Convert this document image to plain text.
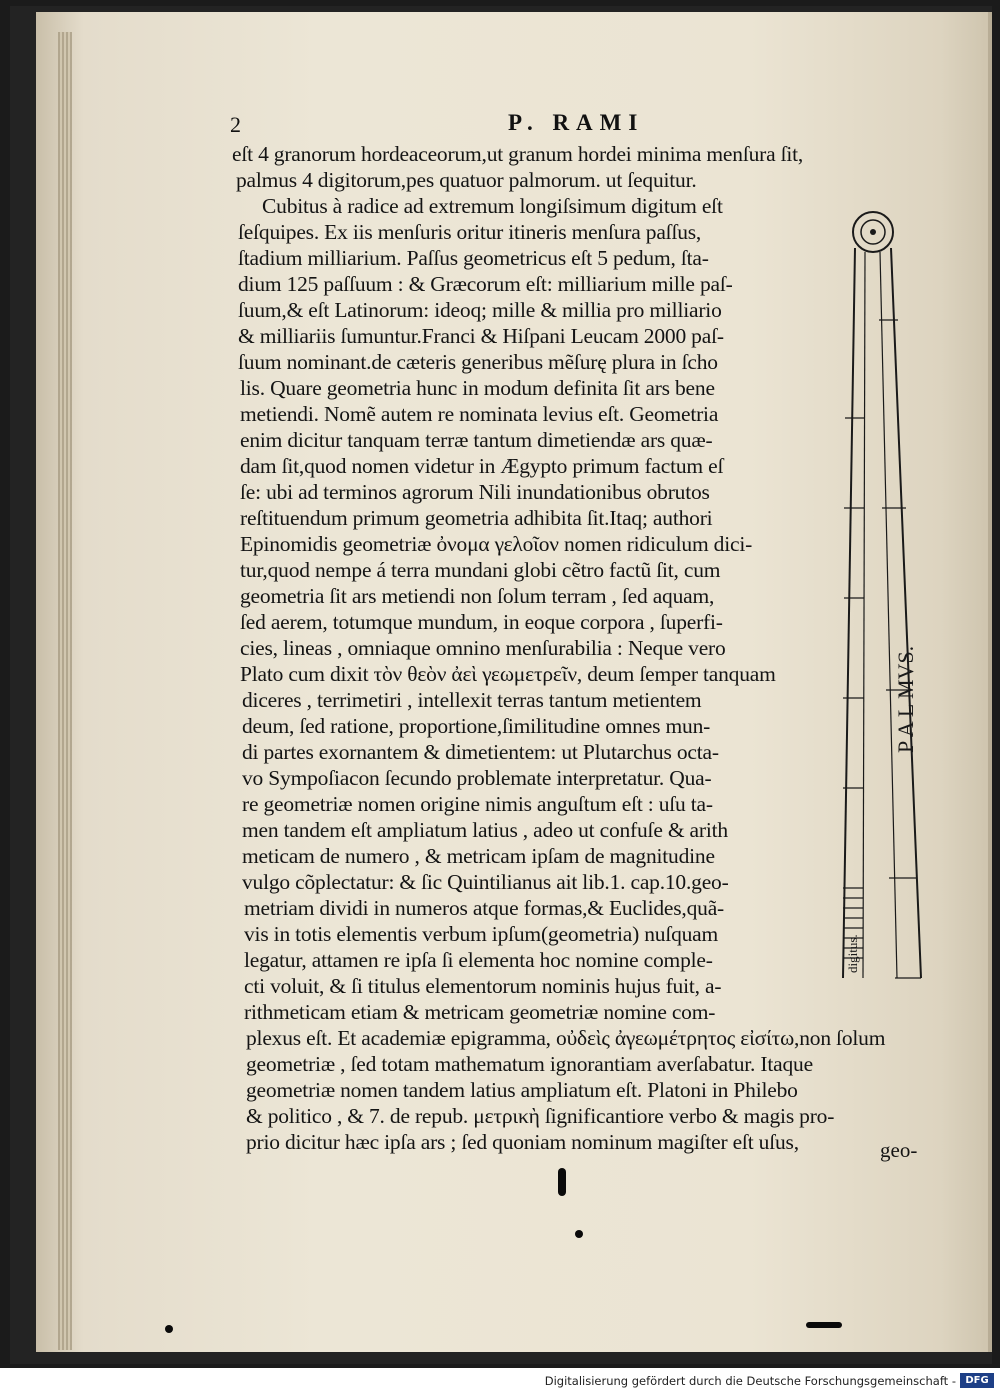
2	P. RAMI
eſt 4 granorum hordeaceorum,ut granum hordei minima menſura ſit,
palmus 4 digitorum,pes quatuor palmorum. ut ſequitur.
Cubitus à radice ad extremum longiſsimum digitum eſt
ſeſquipes. Ex iis menſuris oritur itineris menſura paſſus,
ſtadium milliarium. Paſſus geometricus eſt 5 pedum, ſta-
dium 125 paſſuum : & Græcorum eſt: milliarium mille paſ-
ſuum,& eſt Latinorum: ideoq; mille & millia pro milliario
& milliariis ſumuntur.Franci & Hiſpani Leucam 2000 paſ-
ſuum nominant.de cæteris generibus mẽſurę plura in ſcho
lis. Quare geometria hunc in modum definita ſit ars bene
metiendi. Nomẽ autem re nominata levius eſt. Geometria
enim dicitur tanquam terræ tantum dimetiendæ ars quæ-
dam ſit,quod nomen videtur in Ægypto primum factum eſ
ſe: ubi ad terminos agrorum Nili inundationibus obrutos
reſtituendum primum geometria adhibita ſit.Itaq; authori
Epinomidis geometriæ ὀνομα γελοῖον nomen ridiculum dici-
tur,quod nempe á terra mundani globi cẽtro factũ ſit, cum
geometria ſit ars metiendi non ſolum terram , ſed aquam,
ſed aerem, totumque mundum, in eoque corpora , ſuperfi-
cies, lineas , omniaque omnino menſurabilia : Neque vero
Plato cum dixit τὸν θεὸν ἀεὶ γεωμετρεῖν, deum ſemper tanquam
diceres , terrimetiri , intellexit terras tantum metientem
deum, ſed ratione, proportione,ſimilitudine omnes mun-
di partes exornantem & dimetientem: ut Plutarchus octa-
vo Sympoſiacon ſecundo problemate interpretatur. Qua-
re geometriæ nomen origine nimis anguſtum eſt : uſu ta-
men tandem eſt ampliatum latius , adeo ut confuſe & arith
meticam de numero , & metricam ipſam de magnitudine
vulgo cõplectatur: & ſic Quintilianus ait lib.1. cap.10.geo-
metriam dividi in numeros atque formas,& Euclides,quã-
vis in totis elementis verbum ipſum(geometria) nuſquam
legatur, attamen re ipſa ſi elementa hoc nomine comple-
cti voluit, & ſi titulus elementorum nominis hujus fuit, a-
rithmeticam etiam & metricam geometriæ nomine com-
plexus eſt. Et academiæ epigramma, οὐδεὶς ἀγεωμέτρητος εἰσίτω,non ſolum
geometriæ , ſed totam mathematum ignorantiam averſabatur. Itaque
geometriæ nomen tandem latius ampliatum eſt. Platoni in Philebo
& politico , & 7. de repub. μετρικὴ ſignificantiore verbo & magis pro-
prio dicitur hæc ipſa ars ; ſed quoniam nominum magiſter eſt uſus,
P A L MVS.
digitus.
geo-
Digitalisierung gefördert durch die Deutsche Forschungsgemeinschaft - DFG
